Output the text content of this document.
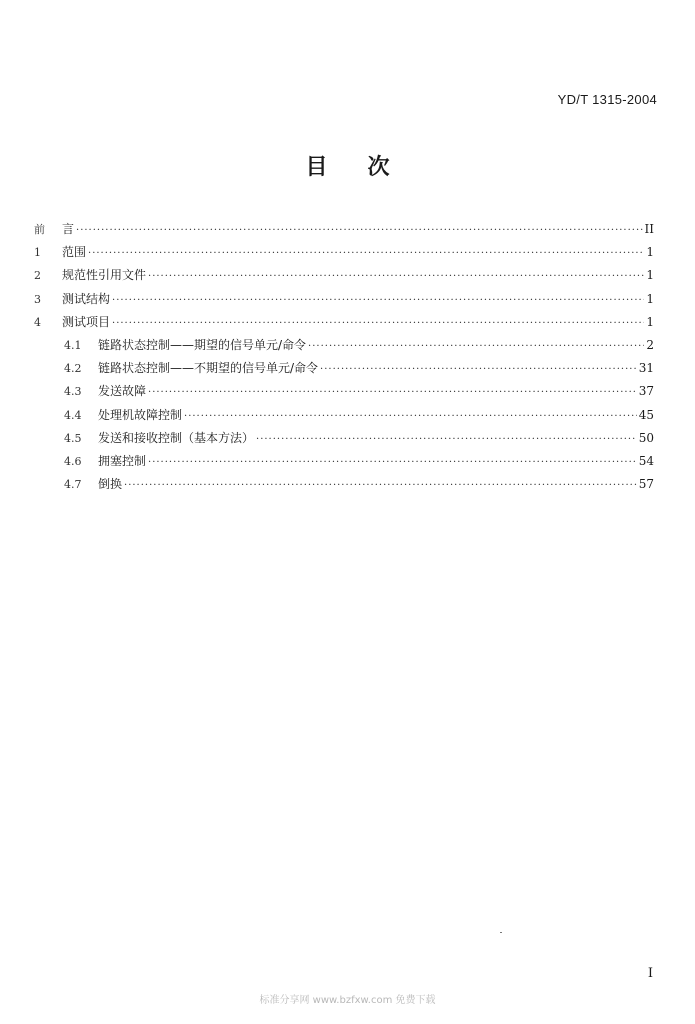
YD/T 1315-2004
目 次
前	言 ·····	II
1	范围 ·····	1
2	规范性引用文件 ·····	1
3	测试结构 ·····	1
4	测试项目 ·····	1
4.1	链路状态控制——期望的信号单元/命令 ·····	2
4.2	链路状态控制——不期望的信号单元/命令 ·····	31
4.3	发送故障 ·····	37
4.4	处理机故障控制 ·····	45
4.5	发送和接收控制（基本方法） ·····	50
4.6	拥塞控制 ·····	54
4.7	倒换 ·····	57
I
标准分享网 www.bzfxw.com 免费下载
